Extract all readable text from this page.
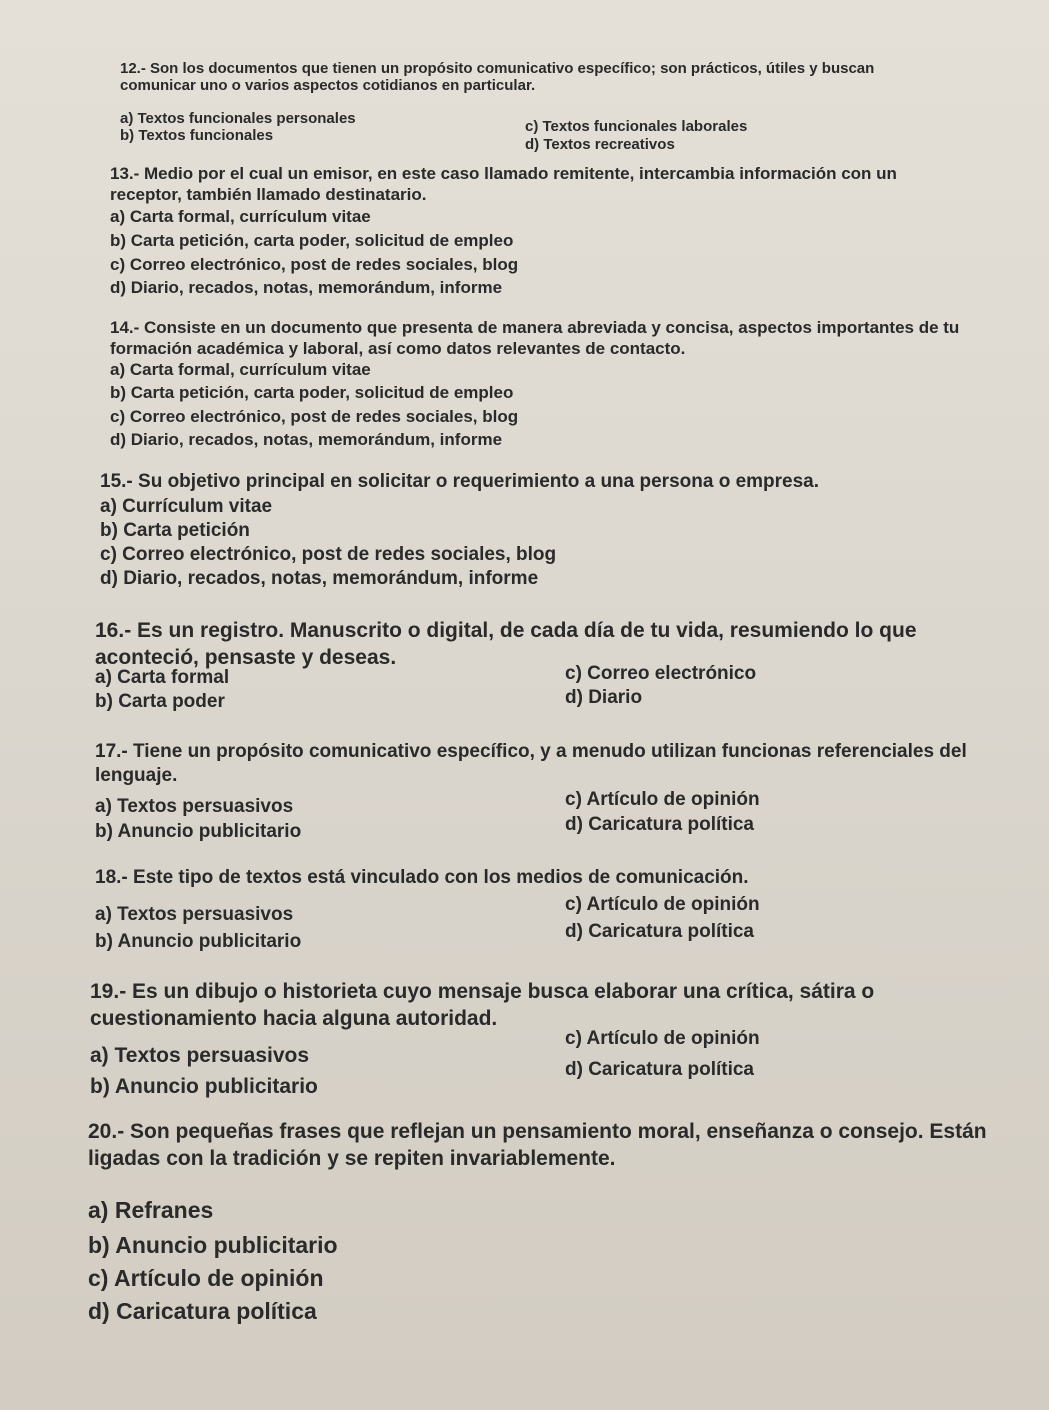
12.- Son los documentos que tienen un propósito comunicativo específico; son prácticos, útiles y buscan comunicar uno o varios aspectos cotidianos en particular.
a) Textos funcionales personales
b) Textos funcionales
c) Textos funcionales laborales
d) Textos recreativos
13.- Medio por el cual un emisor, en este caso llamado remitente, intercambia información con un receptor, también llamado destinatario.
a) Carta formal, currículum vitae
b) Carta petición, carta poder, solicitud de empleo
c) Correo electrónico, post de redes sociales, blog
d) Diario, recados, notas, memorándum, informe
14.- Consiste en un documento que presenta de manera abreviada y concisa, aspectos importantes de tu formación académica y laboral, así como datos relevantes de contacto.
a) Carta formal, currículum vitae
b) Carta petición, carta poder, solicitud de empleo
c) Correo electrónico, post de redes sociales, blog
d) Diario, recados, notas, memorándum, informe
15.- Su objetivo principal en solicitar o requerimiento a una persona o empresa.
a) Currículum vitae
b) Carta petición
c) Correo electrónico, post de redes sociales, blog
d) Diario, recados, notas, memorándum, informe
16.- Es un registro. Manuscrito o digital, de cada día de tu vida, resumiendo lo que aconteció, pensaste y deseas.
a) Carta formal
b) Carta poder
c) Correo electrónico
d) Diario
17.- Tiene un propósito comunicativo específico, y a menudo utilizan funcionas referenciales del lenguaje.
a) Textos persuasivos
b) Anuncio publicitario
c) Artículo de opinión
d) Caricatura política
18.- Este tipo de textos está vinculado con los medios de comunicación.
a) Textos persuasivos
b) Anuncio publicitario
c) Artículo de opinión
d) Caricatura política
19.- Es un dibujo o historieta cuyo mensaje busca elaborar una crítica, sátira o cuestionamiento hacia alguna autoridad.
a) Textos persuasivos
b) Anuncio publicitario
c) Artículo de opinión
d) Caricatura política
20.- Son pequeñas frases que reflejan un pensamiento moral, enseñanza o consejo. Están ligadas con la tradición y se repiten invariablemente.
a) Refranes
b) Anuncio publicitario
c) Artículo de opinión
d) Caricatura política
